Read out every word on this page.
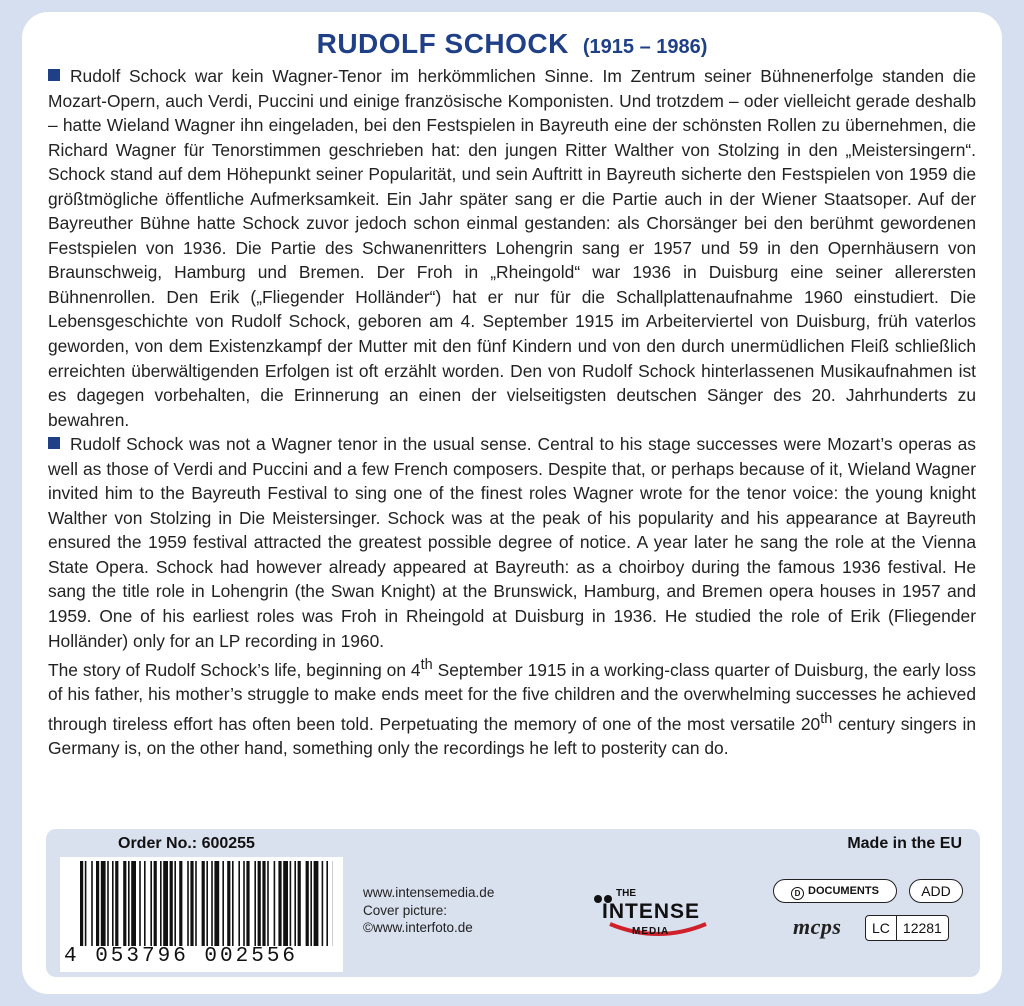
RUDOLF SCHOCK (1915 – 1986)

Rudolf Schock war kein Wagner-Tenor im herkömmlichen Sinne. Im Zentrum seiner Bühnenerfolge standen die Mozart-Opern, auch Verdi, Puccini und einige französische Komponisten. Und trotzdem – oder vielleicht gerade deshalb – hatte Wieland Wagner ihn eingeladen, bei den Festspielen in Bayreuth eine der schönsten Rollen zu übernehmen, die Richard Wagner für Tenorstimmen geschrieben hat: den jungen Ritter Walther von Stolzing in den „Meistersingern“. Schock stand auf dem Höhepunkt seiner Popularität, und sein Auftritt in Bayreuth sicherte den Festspielen von 1959 die größtmögliche öffentliche Aufmerksamkeit. Ein Jahr später sang er die Partie auch in der Wiener Staatsoper. Auf der Bayreuther Bühne hatte Schock zuvor jedoch schon einmal gestanden: als Chorsänger bei den berühmt gewordenen Festspielen von 1936. Die Partie des Schwanenritters Lohengrin sang er 1957 und 59 in den Opernhäusern von Braunschweig, Hamburg und Bremen. Der Froh in „Rheingold“ war 1936 in Duisburg eine seiner allerersten Bühnenrollen. Den Erik („Fliegender Holländer“) hat er nur für die Schallplattenaufnahme 1960 einstudiert. Die Lebensgeschichte von Rudolf Schock, geboren am 4. September 1915 im Arbeiterviertel von Duisburg, früh vaterlos geworden, von dem Existenzkampf der Mutter mit den fünf Kindern und von den durch unermüdlichen Fleiß schließlich erreichten überwältigenden Erfolgen ist oft erzählt worden. Den von Rudolf Schock hinterlassenen Musikaufnahmen ist es dagegen vorbehalten, die Erinnerung an einen der vielseitigsten deutschen Sänger des 20. Jahrhunderts zu bewahren.

Rudolf Schock was not a Wagner tenor in the usual sense. Central to his stage successes were Mozart’s operas as well as those of Verdi and Puccini and a few French composers. Despite that, or perhaps because of it, Wieland Wagner invited him to the Bayreuth Festival to sing one of the finest roles Wagner wrote for the tenor voice: the young knight Walther von Stolzing in Die Meistersinger. Schock was at the peak of his popularity and his appearance at Bayreuth ensured the 1959 festival attracted the greatest possible degree of notice. A year later he sang the role at the Vienna State Opera. Schock had however already appeared at Bayreuth: as a choirboy during the famous 1936 festival. He sang the title role in Lohengrin (the Swan Knight) at the Brunswick, Hamburg, and Bremen opera houses in 1957 and 1959. One of his earliest roles was Froh in Rheingold at Duisburg in 1936. He studied the role of Erik (Fliegender Holländer) only for an LP recording in 1960.

The story of Rudolf Schock’s life, beginning on 4th September 1915 in a working-class quarter of Duisburg, the early loss of his father, his mother’s struggle to make ends meet for the five children and the overwhelming successes he achieved through tireless effort has often been told. Perpetuating the memory of one of the most versatile 20th century singers in Germany is, on the other hand, something only the recordings he left to posterity can do.

Order No.: 600255	Made in the EU
4 053796 002556
www.intensemedia.de
Cover picture:
©www.interfoto.de
THE
INTENSE
MEDIA
D DOCUMENTS	ADD
mcps	LC 12281
